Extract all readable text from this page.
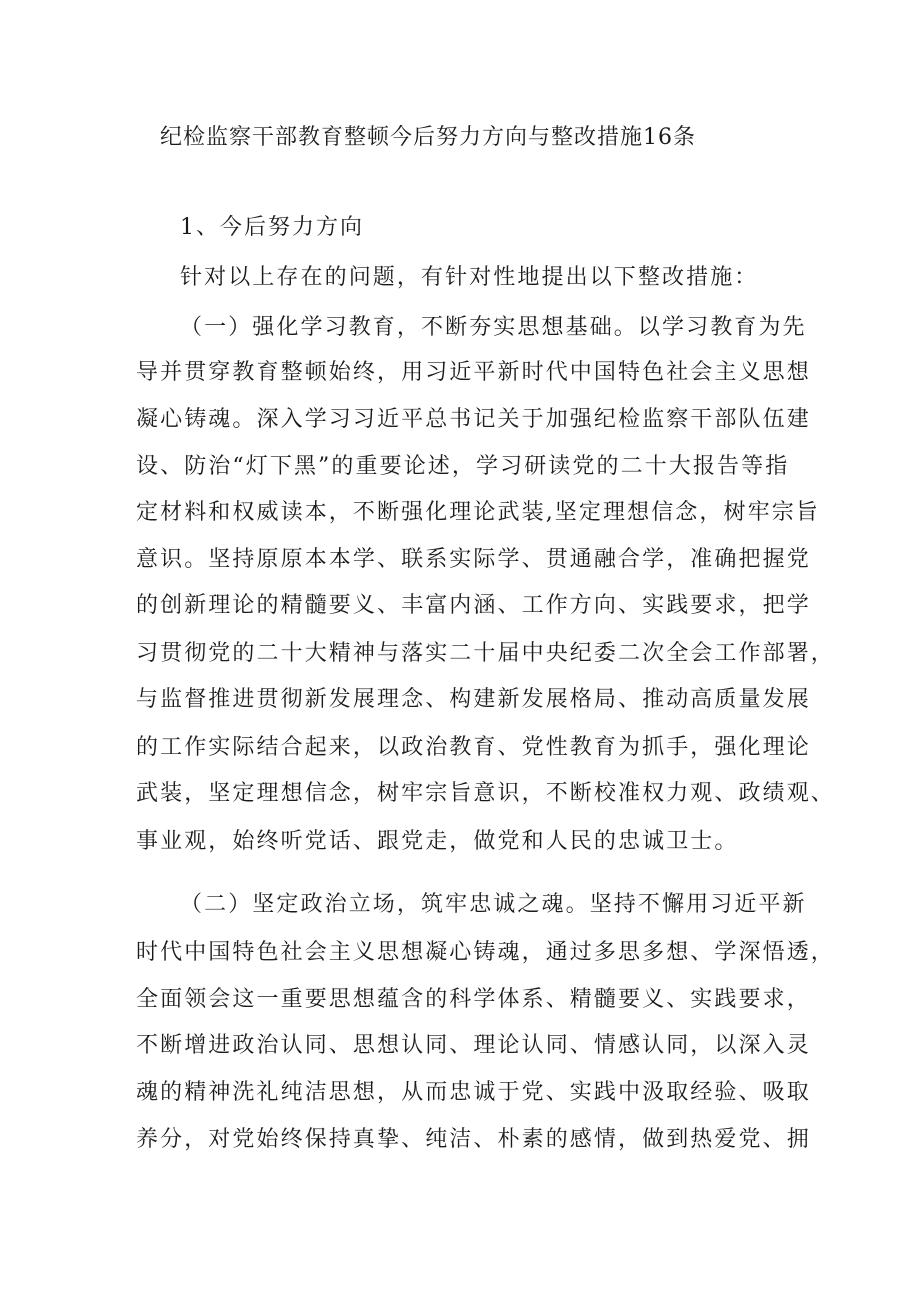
纪检监察干部教育整顿今后努力方向与整改措施16条
1、今后努力方向
针对以上存在的问题，有针对性地提出以下整改措施：
（一）强化学习教育，不断夯实思想基础。以学习教育为先
导并贯穿教育整顿始终，用习近平新时代中国特色社会主义思想
凝心铸魂。深入学习习近平总书记关于加强纪检监察干部队伍建
设、防治“灯下黑”的重要论述，学习研读党的二十大报告等指
定材料和权威读本，不断强化理论武装,坚定理想信念，树牢宗旨
意识。坚持原原本本学、联系实际学、贯通融合学，准确把握党
的创新理论的精髓要义、丰富内涵、工作方向、实践要求，把学
习贯彻党的二十大精神与落实二十届中央纪委二次全会工作部署，
与监督推进贯彻新发展理念、构建新发展格局、推动高质量发展
的工作实际结合起来，以政治教育、党性教育为抓手，强化理论
武装，坚定理想信念，树牢宗旨意识，不断校准权力观、政绩观、
事业观，始终听党话、跟党走，做党和人民的忠诚卫士。
（二）坚定政治立场，筑牢忠诚之魂。坚持不懈用习近平新
时代中国特色社会主义思想凝心铸魂，通过多思多想、学深悟透，
全面领会这一重要思想蕴含的科学体系、精髓要义、实践要求，
不断增进政治认同、思想认同、理论认同、情感认同，以深入灵
魂的精神洗礼纯洁思想，从而忠诚于党、实践中汲取经验、吸取
养分，对党始终保持真挚、纯洁、朴素的感情，做到热爱党、拥
